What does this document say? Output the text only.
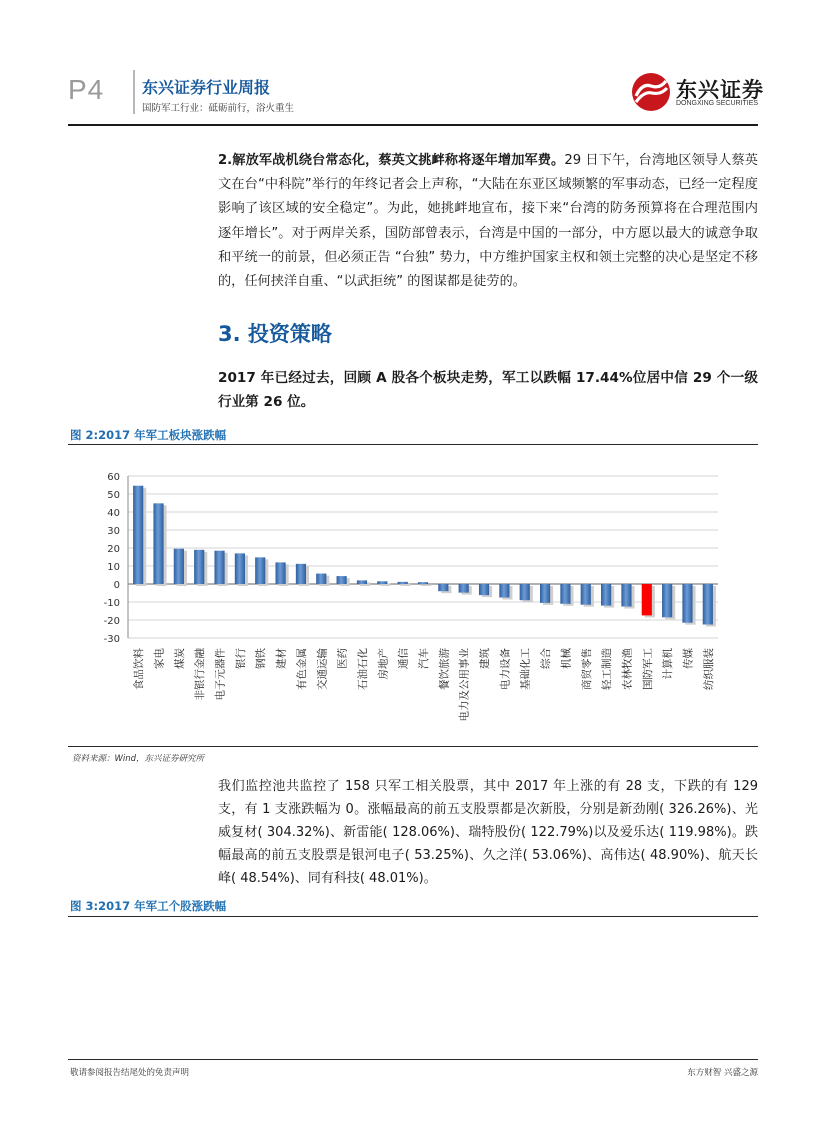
P4 东兴证券行业周报
国防军工行业：砥砺前行，浴火重生
东兴证券
DONGXING SECURITIES
2.解放军战机绕台常态化，蔡英文挑衅称将逐年增加军费。29 日下午，台湾地区领导人蔡英文在台“中科院”举行的年终记者会上声称，“大陆在东亚区域频繁的军事动态，已经一定程度影响了该区域的安全稳定”。为此，她挑衅地宣布，接下来“台湾的防务预算将在合理范围内逐年增长”。对于两岸关系，国防部曾表示，台湾是中国的一部分，中方愿以最大的诚意争取和平统一的前景，但必须正告 “台独” 势力，中方维护国家主权和领土完整的决心是坚定不移的，任何挟洋自重、“以武拒统” 的图谋都是徒劳的。
3. 投资策略
2017 年已经过去，回顾 A 股各个板块走势，军工以跌幅 17.44%位居中信 29 个一级行业第 26 位。
图 2:2017 年军工板块涨跌幅
-30
-20
-10
0
10
20
30
40
50
60
食品饮料 家电 煤炭 非银行金融 电子元器件 银行 钢铁 建材 有色金属 交通运输 医药 石油石化 房地产 通信 汽车 餐饮旅游 电力及公用事业 建筑 电力设备 基础化工 综合 机械 商贸零售 轻工制造 农林牧渔 国防军工 计算机 传媒 纺织服装
资料来源：Wind，东兴证券研究所
我们监控池共监控了 158 只军工相关股票，其中 2017 年上涨的有 28 支，下跌的有 129 支，有 1 支涨跌幅为 0。涨幅最高的前五支股票都是次新股，分别是新劲刚( 326.26%)、光威复材( 304.32%)、新雷能( 128.06%)、瑞特股份( 122.79%)以及爱乐达( 119.98%)。跌幅最高的前五支股票是银河电子( 53.25%)、久之洋( 53.06%)、高伟达( 48.90%)、航天长峰( 48.54%)、同有科技( 48.01%)。
图 3:2017 年军工个股涨跌幅
敬请参阅报告结尾处的免责声明	东方财智 兴盛之源
